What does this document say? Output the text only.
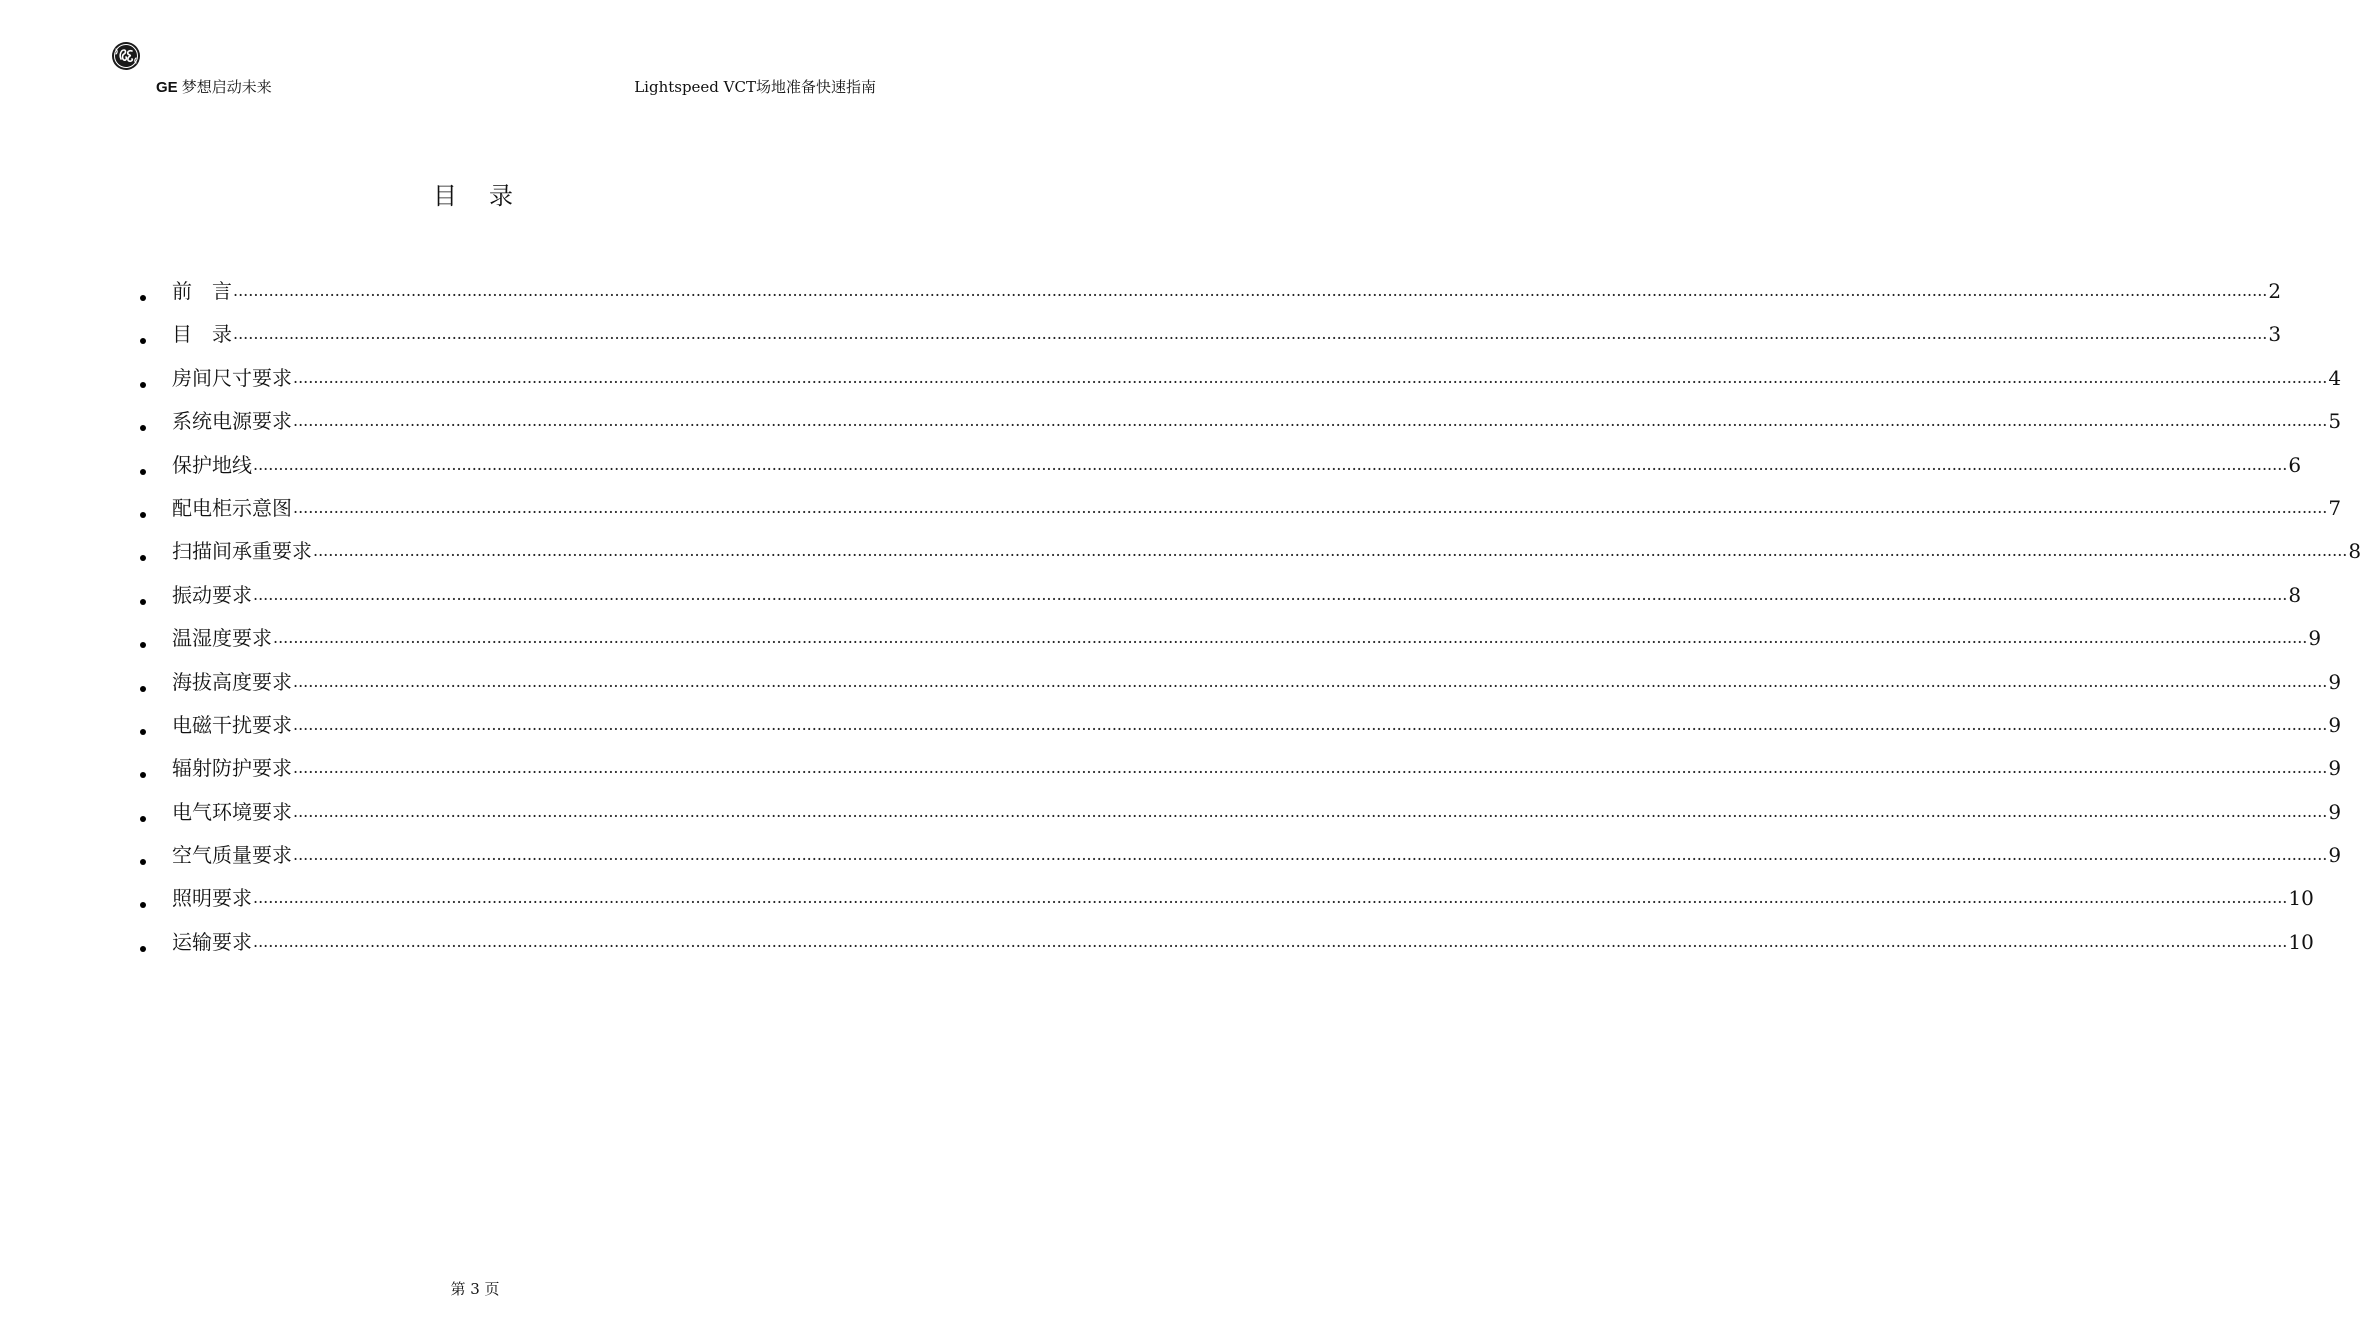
GE 梦想启动未来	Lightspeed VCT场地准备快速指南
目　录
前　言 ................................................................................................................................................................................................................................................................................................................................................................................................................ 2
目　录 ................................................................................................................................................................................................................................................................................................................................................................................................................ 3
房间尺寸要求 ................................................................................................................................................................................................................................................................................................................................................................................................................ 4
系统电源要求 ................................................................................................................................................................................................................................................................................................................................................................................................................ 5
保护地线 ................................................................................................................................................................................................................................................................................................................................................................................................................ 6
配电柜示意图 ................................................................................................................................................................................................................................................................................................................................................................................................................ 7
扫描间承重要求 ................................................................................................................................................................................................................................................................................................................................................................................................................ 8
振动要求 ................................................................................................................................................................................................................................................................................................................................................................................................................ 8
温湿度要求 ................................................................................................................................................................................................................................................................................................................................................................................................................ 9
海拔高度要求 ................................................................................................................................................................................................................................................................................................................................................................................................................ 9
电磁干扰要求 ................................................................................................................................................................................................................................................................................................................................................................................................................ 9
辐射防护要求 ................................................................................................................................................................................................................................................................................................................................................................................................................ 9
电气环境要求 ................................................................................................................................................................................................................................................................................................................................................................................................................ 9
空气质量要求 ................................................................................................................................................................................................................................................................................................................................................................................................................ 9
照明要求 ................................................................................................................................................................................................................................................................................................................................................................................................................ 10
运输要求 ................................................................................................................................................................................................................................................................................................................................................................................................................ 10
第 3 页
